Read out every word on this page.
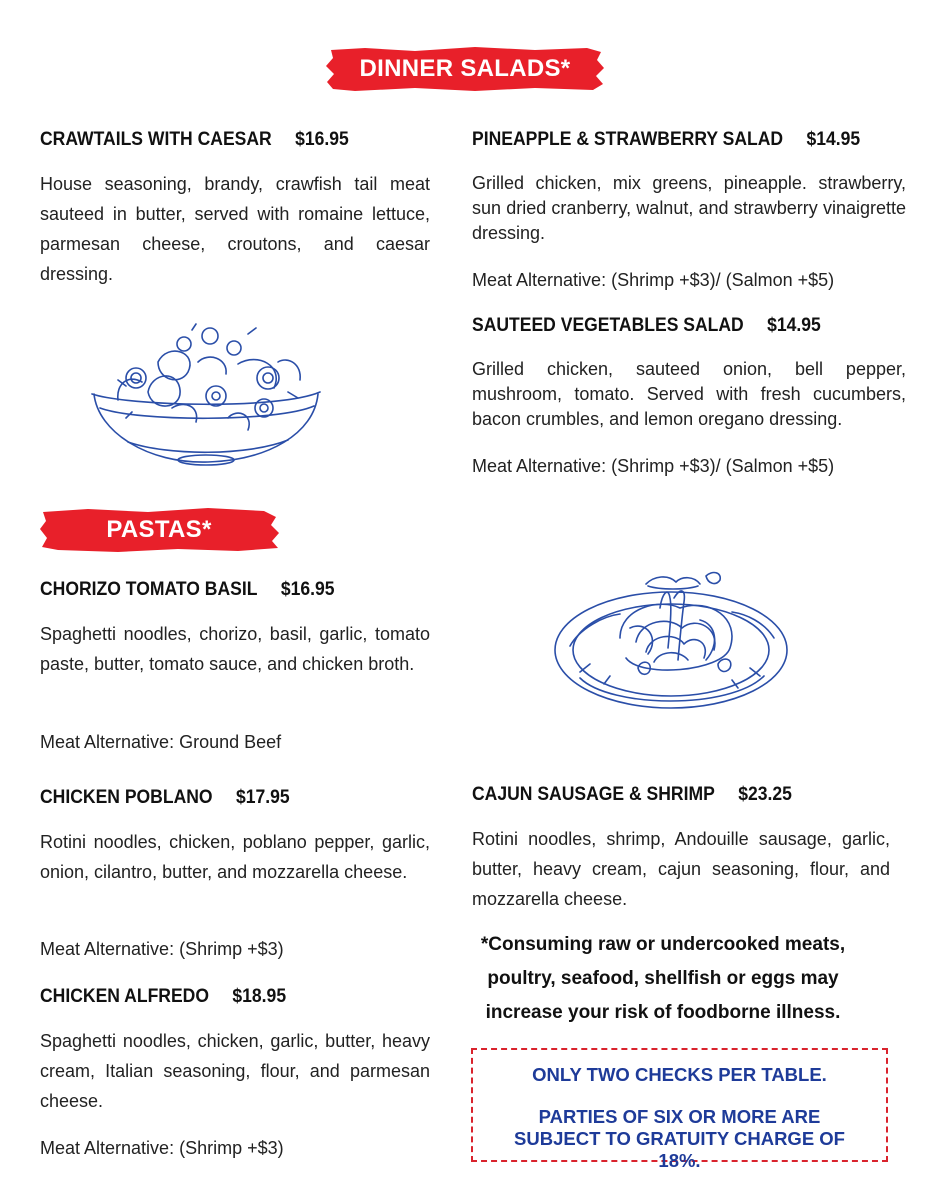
DINNER SALADS*
CRAWTAILS WITH CAESAR $16.95
House seasoning, brandy, crawfish tail meat sauteed in butter, served with romaine lettuce, parmesan cheese, croutons, and caesar dressing.
PINEAPPLE & STRAWBERRY SALAD $14.95
Grilled chicken, mix greens, pineapple. strawberry, sun dried cranberry, walnut, and strawberry vinaigrette dressing.
Meat Alternative: (Shrimp +$3)/ (Salmon +$5)
SAUTEED VEGETABLES SALAD $14.95
Grilled chicken, sauteed onion, bell pepper, mushroom, tomato. Served with fresh cucumbers, bacon crumbles, and lemon oregano dressing.
Meat Alternative: (Shrimp +$3)/ (Salmon +$5)
PASTAS*
CHORIZO TOMATO BASIL $16.95
Spaghetti noodles, chorizo, basil, garlic, tomato paste, butter, tomato sauce, and chicken broth.
Meat Alternative: Ground Beef
CHICKEN POBLANO $17.95
Rotini noodles, chicken, poblano pepper, garlic, onion, cilantro, butter, and mozzarella cheese.
Meat Alternative: (Shrimp +$3)
CHICKEN ALFREDO $18.95
Spaghetti noodles, chicken, garlic, butter, heavy cream, Italian seasoning, flour, and parmesan cheese.
Meat Alternative: (Shrimp +$3)
CAJUN SAUSAGE & SHRIMP $23.25
Rotini noodles, shrimp, Andouille sausage, garlic, butter, heavy cream, cajun seasoning, flour, and mozzarella cheese.
*Consuming raw or undercooked meats,
poultry, seafood, shellfish or eggs may
increase your risk of foodborne illness.
ONLY TWO CHECKS PER TABLE.
PARTIES OF SIX OR MORE ARE SUBJECT TO GRATUITY CHARGE OF 18%.
